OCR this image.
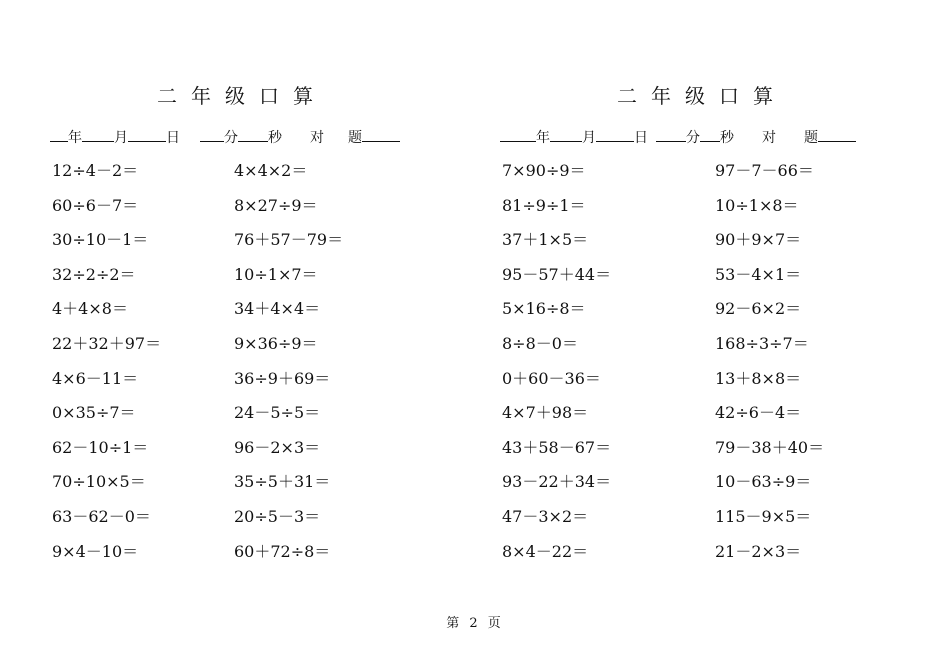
二年级口算
年 月	日	分 秒 对 题
12÷4－2＝	4×4×2＝
60÷6－7＝	8×27÷9＝
30÷10－1＝	76＋57－79＝
32÷2÷2＝	10÷1×7＝
4＋4×8＝	34＋4×4＝
22＋32＋97＝	9×36÷9＝
4×6－11＝	36÷9＋69＝
0×35÷7＝	24－5÷5＝
62－10÷1＝	96－2×3＝
70÷10×5＝	35÷5＋31＝
63－62－0＝	20÷5－3＝
9×4－10＝	60＋72÷8＝
二年级口算
年 月	日	分 秒 对 题
7×90÷9＝	97－7－66＝
81÷9÷1＝	10÷1×8＝
37＋1×5＝	90＋9×7＝
95－57＋44＝	53－4×1＝
5×16÷8＝	92－6×2＝
8÷8－0＝	168÷3÷7＝
0＋60－36＝	13＋8×8＝
4×7＋98＝	42÷6－4＝
43＋58－67＝	79－38＋40＝
93－22＋34＝	10－63÷9＝
47－3×2＝	115－9×5＝
8×4－22＝	21－2×3＝
第 2 页
